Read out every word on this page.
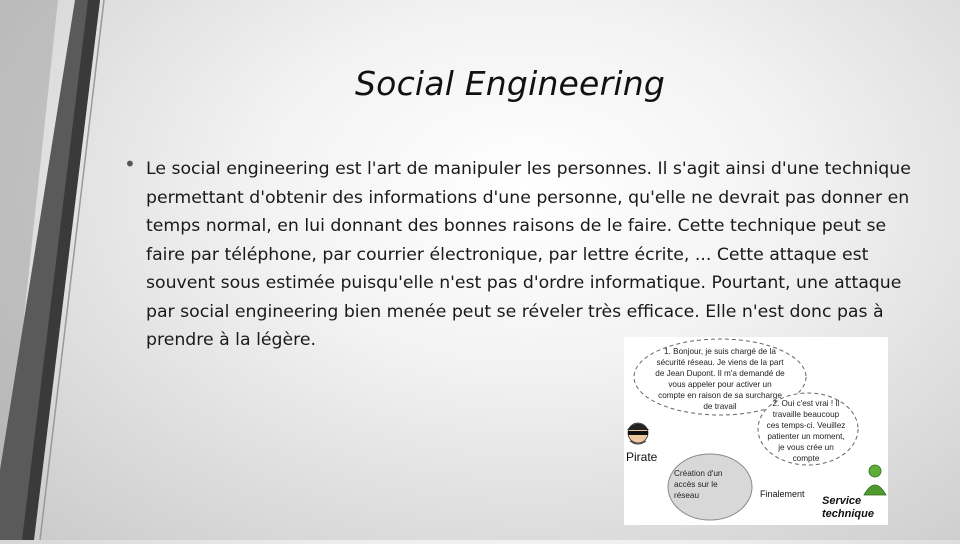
Social Engineering
• Le social engineering est l'art de manipuler les personnes. Il s'agit ainsi d'une technique permettant d'obtenir des informations d'une personne, qu'elle ne devrait pas donner en temps normal, en lui donnant des bonnes raisons de le faire. Cette technique peut se faire par téléphone, par courrier électronique, par lettre écrite, ... Cette attaque est souvent sous estimée puisqu'elle n'est pas d'ordre informatique. Pourtant, une attaque par social engineering bien menée peut se réveler très efficace. Elle n'est donc pas à prendre à la légère.
1. Bonjour, je suis chargé de la sécurité réseau. Je viens de la part de Jean Dupont. Il m'a demandé de vous appeler pour activer un compte en raison de sa surcharge de travail	2. Oui c'est vrai ! Il travaille beaucoup ces temps-ci. Veuillez patienter un moment, je vous crée un compte
Création d'un accès sur le réseau
Pirate
Finalement
Service technique
